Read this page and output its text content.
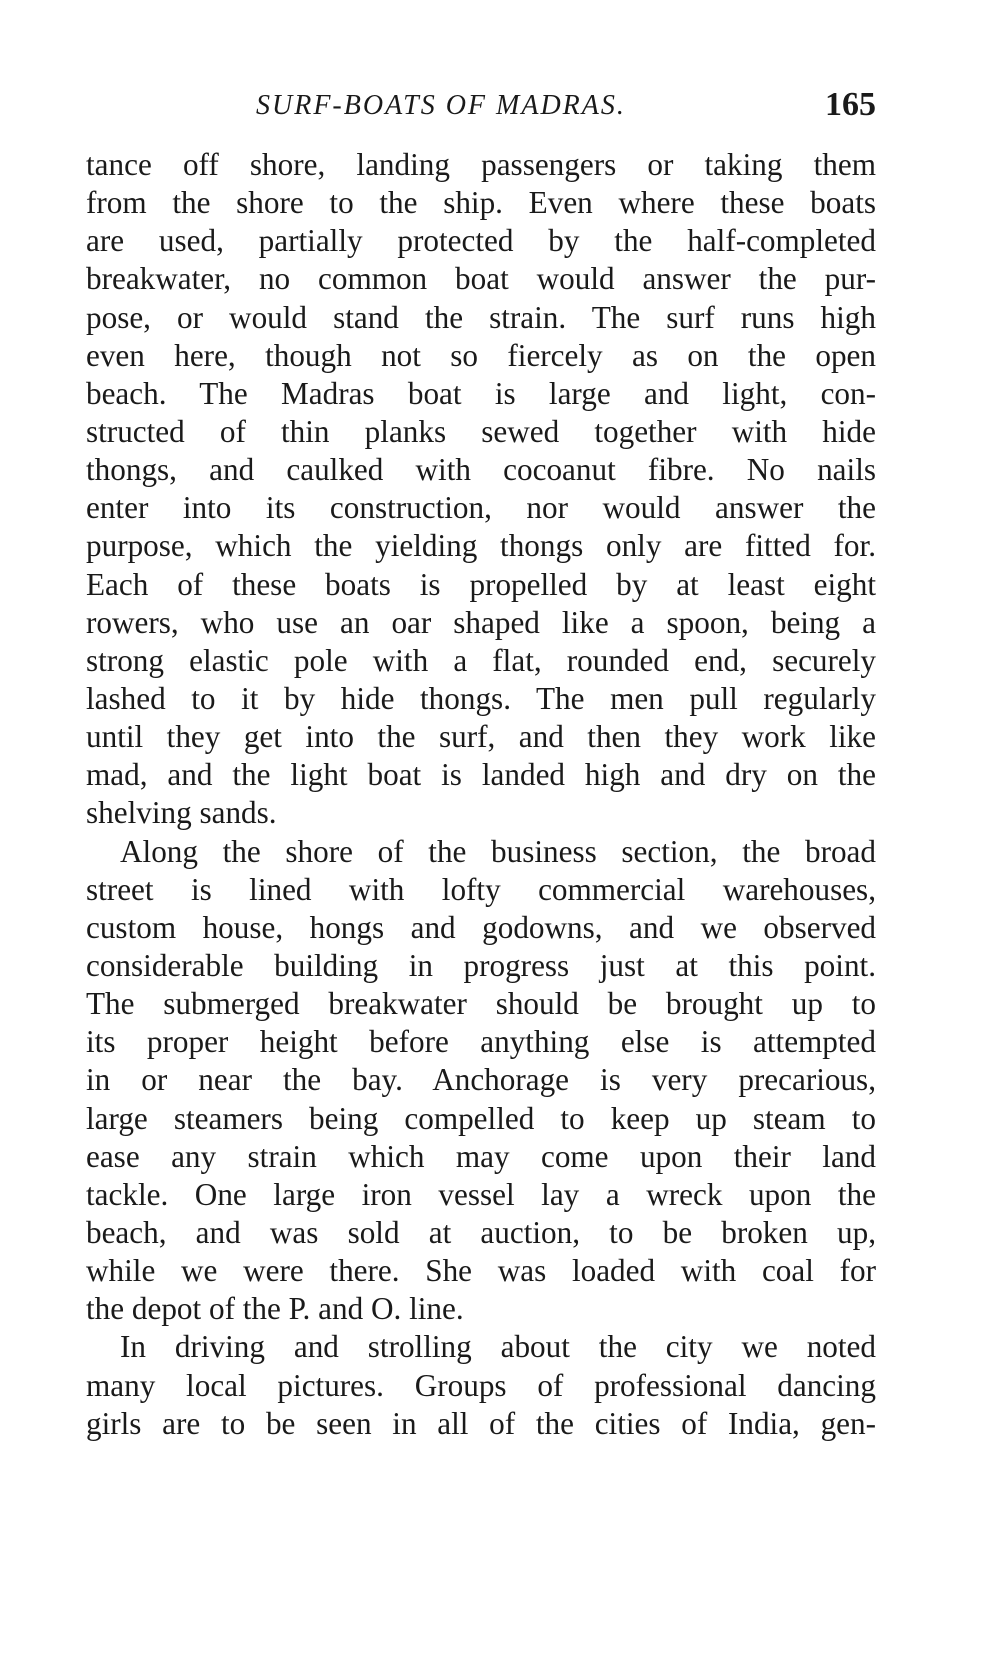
SURF-BOATS OF MADRAS.	165
tance off shore, landing passengers or taking them
from the shore to the ship. Even where these boats
are used, partially protected by the half-completed
breakwater, no common boat would answer the pur-
pose, or would stand the strain. The surf runs high
even here, though not so fiercely as on the open
beach. The Madras boat is large and light, con-
structed of thin planks sewed together with hide
thongs, and caulked with cocoanut fibre. No nails
enter into its construction, nor would answer the
purpose, which the yielding thongs only are fitted for.
Each of these boats is propelled by at least eight
rowers, who use an oar shaped like a spoon, being a
strong elastic pole with a flat, rounded end, securely
lashed to it by hide thongs. The men pull regularly
until they get into the surf, and then they work like
mad, and the light boat is landed high and dry on the
shelving sands.
Along the shore of the business section, the broad
street is lined with lofty commercial warehouses,
custom house, hongs and godowns, and we observed
considerable building in progress just at this point.
The submerged breakwater should be brought up to
its proper height before anything else is attempted
in or near the bay. Anchorage is very precarious,
large steamers being compelled to keep up steam to
ease any strain which may come upon their land
tackle. One large iron vessel lay a wreck upon the
beach, and was sold at auction, to be broken up,
while we were there. She was loaded with coal for
the depot of the P. and O. line.
In driving and strolling about the city we noted
many local pictures. Groups of professional dancing
girls are to be seen in all of the cities of India, gen-
